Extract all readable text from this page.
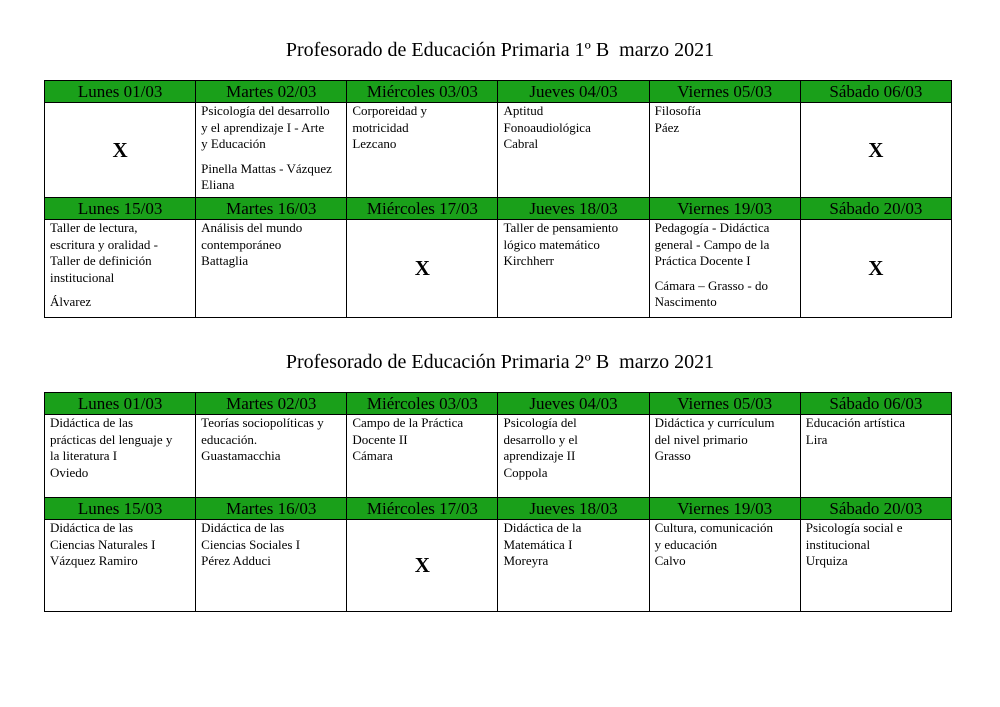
Profesorado de Educación Primaria 1º B  marzo 2021
Lunes 01/03	Martes 02/03	Miércoles 03/03	Jueves 04/03	Viernes 05/03	Sábado 06/03
X	Psicología del desarrollo
y el aprendizaje I - Arte
y Educación
Pinella Mattas - Vázquez
Eliana	Corporeidad y
motricidad
Lezcano	Aptitud
Fonoaudiológica
Cabral	Filosofía
Páez	X
Lunes 15/03	Martes 16/03	Miércoles 17/03	Jueves 18/03	Viernes 19/03	Sábado 20/03

Taller de lectura,
escritura y oralidad -
Taller de definición
institucional
Álvarez	Análisis del mundo
contemporáneo
Battaglia	X	Taller de pensamiento
lógico matemático
Kirchherr	Pedagogía - Didáctica
general - Campo de la
Práctica Docente I
Cámara – Grasso - do
Nascimento	X
Profesorado de Educación Primaria 2º B  marzo 2021
Lunes 01/03	Martes 02/03	Miércoles 03/03	Jueves 04/03	Viernes 05/03	Sábado 06/03

Didáctica de las
prácticas del lenguaje y
la literatura I
Oviedo	Teorías sociopolíticas y
educación.
Guastamacchia	Campo de la Práctica
Docente II
Cámara	Psicología del
desarrollo y el
aprendizaje II
Coppola	Didáctica y currículum
del nivel primario
Grasso	Educación artística
Lira

Lunes 15/03	Martes 16/03	Miércoles 17/03	Jueves 18/03	Viernes 19/03	Sábado 20/03

Didáctica de las
Ciencias Naturales I
Vázquez Ramiro	Didáctica de las
Ciencias Sociales I
Pérez Adduci	X	Didáctica de la
Matemática I
Moreyra	Cultura, comunicación
y educación
Calvo	Psicología social e
institucional
Urquiza
